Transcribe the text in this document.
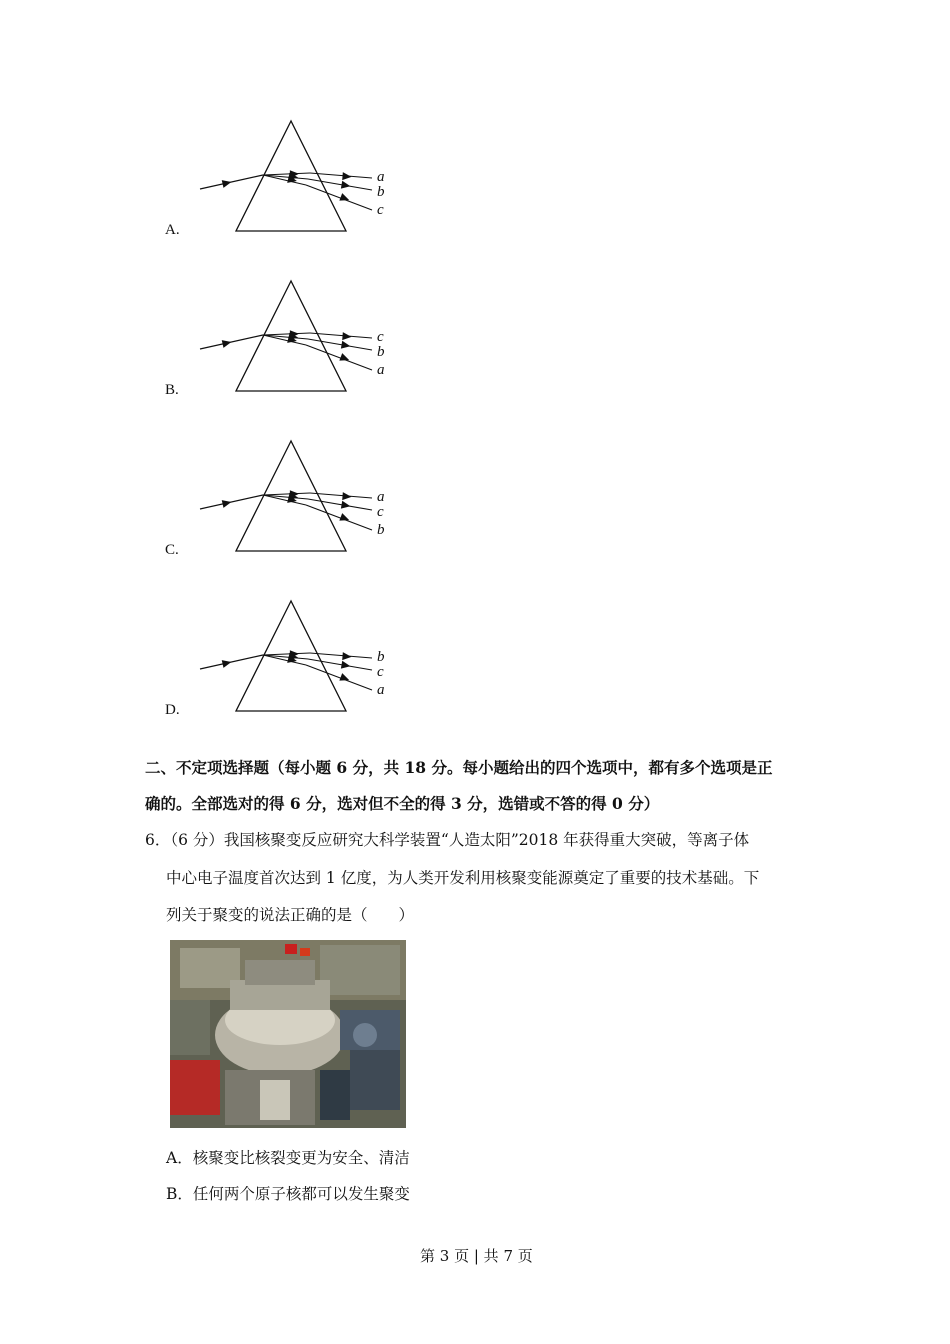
a
b
c
c
b
a
a
c
b
b
c
a
A.
B.
C.
D.
二、不定项选择题（每小题 6 分，共 18 分。每小题给出的四个选项中，都有多个选项是正
确的。全部选对的得 6 分，选对但不全的得 3 分，选错或不答的得 0 分）
6．（6 分）我国核聚变反应研究大科学装置“人造太阳”2018 年获得重大突破，等离子体
中心电子温度首次达到 1 亿度，为人类开发利用核聚变能源奠定了重要的技术基础。下
列关于聚变的说法正确的是（　　）
A．核聚变比核裂变更为安全、清洁
B．任何两个原子核都可以发生聚变
第 3 页 | 共 7 页
